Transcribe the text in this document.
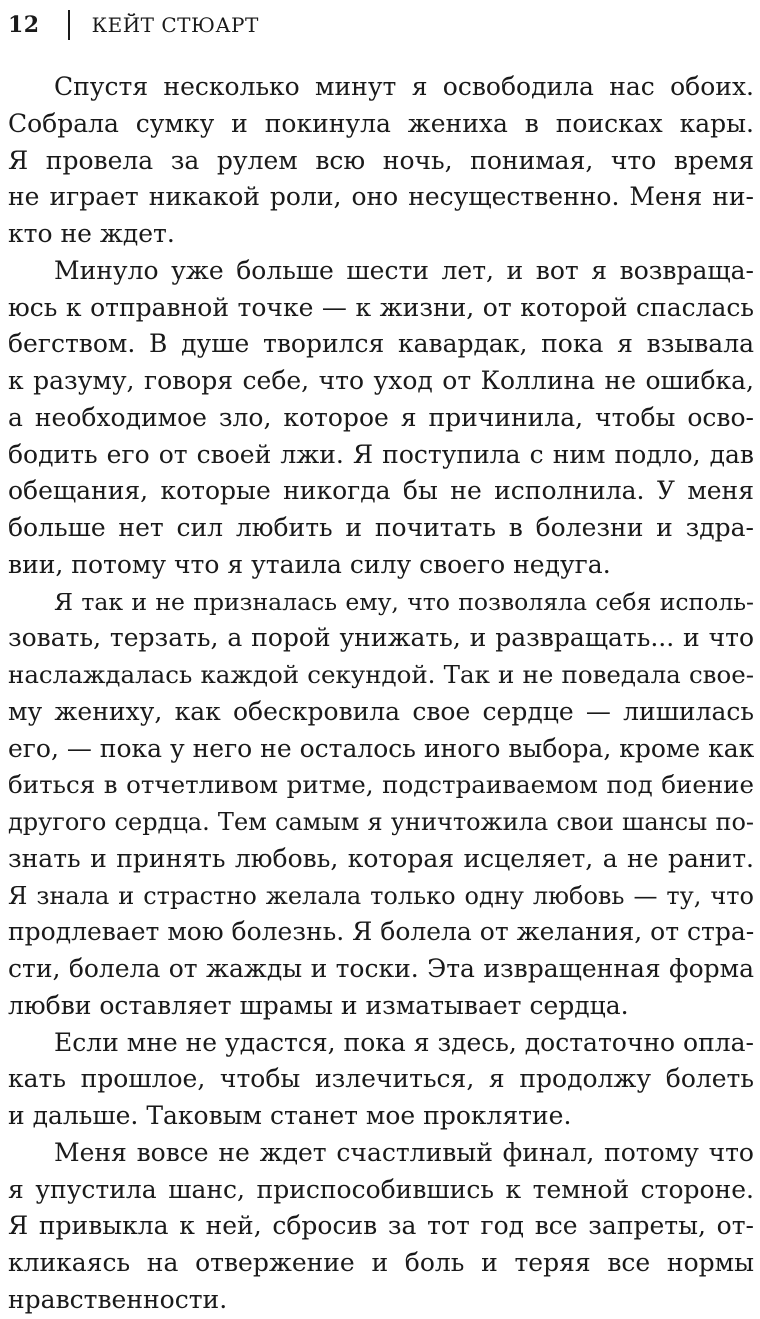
12	КЕЙТ СТЮАРТ
Спустя несколько минут я освободила нас обоих.
Собрала сумку и покинула жениха в поисках кары.
Я провела за рулем всю ночь, понимая, что время
не играет никакой роли, оно несущественно. Меня ни-
кто не ждет.
Минуло уже больше шести лет, и вот я возвраща-
юсь к отправной точке — к жизни, от которой спаслась
бегством. В душе творился кавардак, пока я взывала
к разуму, говоря себе, что уход от Коллина не ошибка,
а необходимое зло, которое я причинила, чтобы осво-
бодить его от своей лжи. Я поступила с ним подло, дав
обещания, которые никогда бы не исполнила. У меня
больше нет сил любить и почитать в болезни и здра-
вии, потому что я утаила силу своего недуга.
Я так и не призналась ему, что позволяла себя исполь-
зовать, терзать, а порой унижать, и развращать... и что
наслаждалась каждой секундой. Так и не поведала свое-
му жениху, как обескровила свое сердце — лишилась
его, — пока у него не осталось иного выбора, кроме как
биться в отчетливом ритме, подстраиваемом под биение
другого сердца. Тем самым я уничтожила свои шансы по-
знать и принять любовь, которая исцеляет, а не ранит.
Я знала и страстно желала только одну любовь — ту, что
продлевает мою болезнь. Я болела от желания, от стра-
сти, болела от жажды и тоски. Эта извращенная форма
любви оставляет шрамы и изматывает сердца.
Если мне не удастся, пока я здесь, достаточно опла-
кать прошлое, чтобы излечиться, я продолжу болеть
и дальше. Таковым станет мое проклятие.
Меня вовсе не ждет счастливый финал, потому что
я упустила шанс, приспособившись к темной стороне.
Я привыкла к ней, сбросив за тот год все запреты, от-
кликаясь на отвержение и боль и теряя все нормы
нравственности.
